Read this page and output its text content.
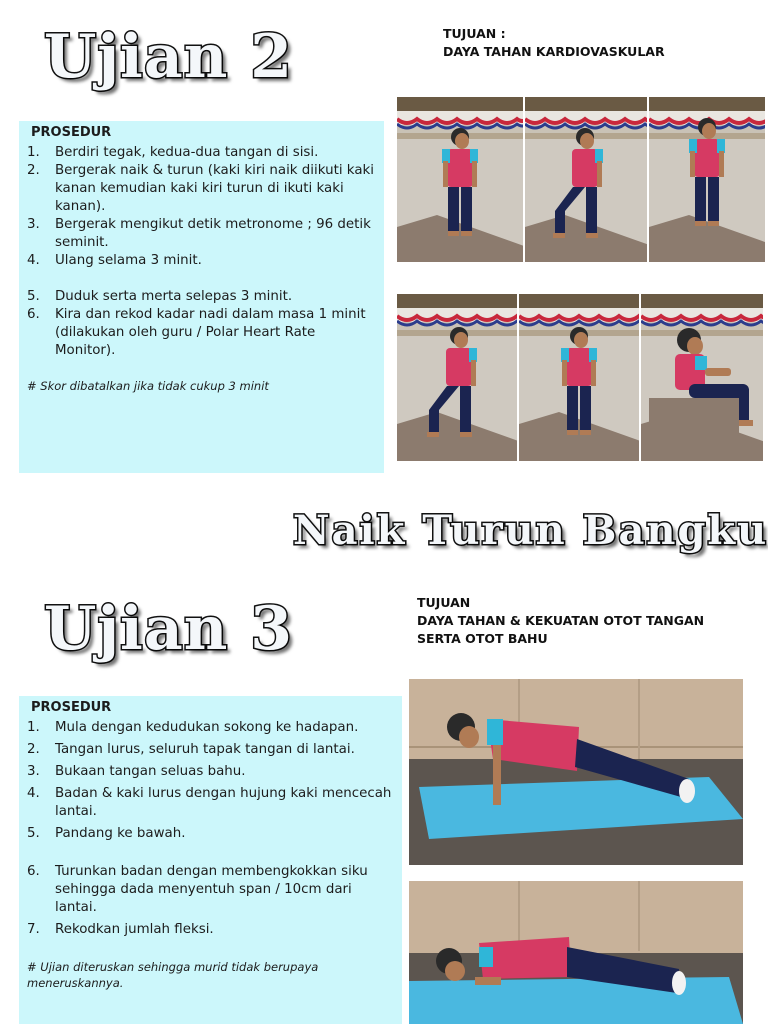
Ujian 2	TUJUAN :
DAYA TAHAN KARDIOVASKULAR
PROSEDUR
1. Berdiri tegak, kedua-dua tangan di sisi.
2. Bergerak naik & turun (kaki kiri naik diikuti kaki kanan kemudian kaki kiri turun di ikuti kaki kanan).
3. Bergerak mengikut detik metronome ; 96 detik seminit.
4. Ulang selama 3 minit.
5. Duduk serta merta selepas 3 minit.
6. Kira dan rekod kadar nadi dalam masa 1 minit (dilakukan oleh guru / Polar Heart Rate Monitor).
# Skor dibatalkan jika tidak cukup 3 minit
Naik Turun Bangku
Ujian 3	TUJUAN
DAYA TAHAN & KEKUATAN OTOT TANGAN
SERTA OTOT BAHU
PROSEDUR
1. Mula dengan kedudukan sokong ke hadapan.
2. Tangan lurus, seluruh tapak tangan di lantai.
3. Bukaan tangan seluas bahu.
4. Badan & kaki lurus dengan hujung kaki mencecah lantai.
5. Pandang ke bawah.
6. Turunkan badan dengan membengkokkan siku sehingga dada menyentuh span / 10cm dari lantai.
7. Rekodkan jumlah fleksi.
# Ujian diteruskan sehingga murid tidak berupaya meneruskannya.
